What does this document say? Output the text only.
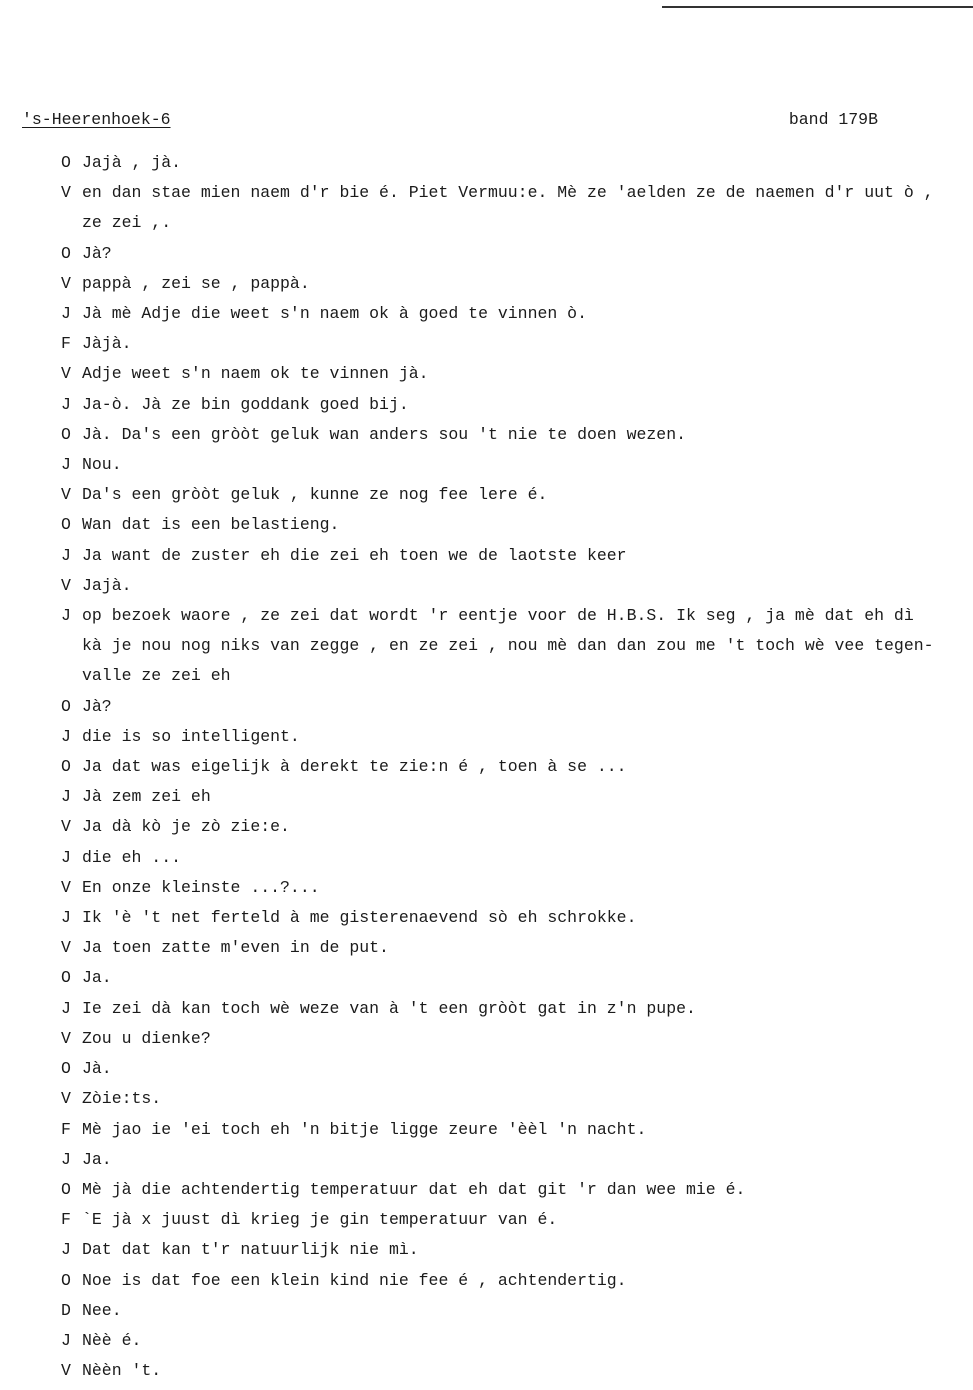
's-Heerenhoek-6	band 179B
O Jajà , jà.
V en dan stae mien naem d'r bie é. Piet Vermuu:e. Mè ze 'aelden ze de naemen d'r uut ò ,
ze zei ,.
O Jà?
V pappà , zei se , pappà.
J Jà mè Adje die weet s'n naem ok à goed te vinnen ò.
F Jàjà.
V Adje weet s'n naem ok te vinnen jà.
J Ja-ò. Jà ze bin goddank goed bij.
O Jà. Da's een gròòt geluk wan anders sou 't nie te doen wezen.
J Nou.
V Da's een gròòt geluk , kunne ze nog fee lere é.
O Wan dat is een belastieng.
J Ja want de zuster eh die zei eh toen we de laotste keer
V Jajà.
J op bezoek waore , ze zei dat wordt 'r eentje voor de H.B.S. Ik seg , ja mè dat eh dì
kà je nou nog niks van zegge , en ze zei , nou mè dan dan zou me 't toch wè vee tegen-
valle ze zei eh
O Jà?
J die is so intelligent.
O Ja dat was eigelijk à derekt te zie:n é , toen à se ...
J Jà zem zei eh
V Ja dà kò je zò zie:e.
J die eh ...
V En onze kleinste ...?...
J Ik 'è 't net ferteld à me gisterenaevend sò eh schrokke.
V Ja toen zatte m'even in de put.
O Ja.
J Ie zei dà kan toch wè weze van à 't een gròòt gat in z'n pupe.
V Zou u dienke?
O Jà.
V Zòie:ts.
F Mè jao ie 'ei toch eh 'n bitje ligge zeure 'èèl 'n nacht.
J Ja.
O Mè jà die achtendertig temperatuur dat eh dat git 'r dan wee mie é.
F `E jà x juust dì krieg je gin temperatuur van é.
J Dat dat kan t'r natuurlijk nie mì.
O Noe is dat foe een klein kind nie fee é , achtendertig.
D Nee.
J Nèè é.
V Nèèn 't.
